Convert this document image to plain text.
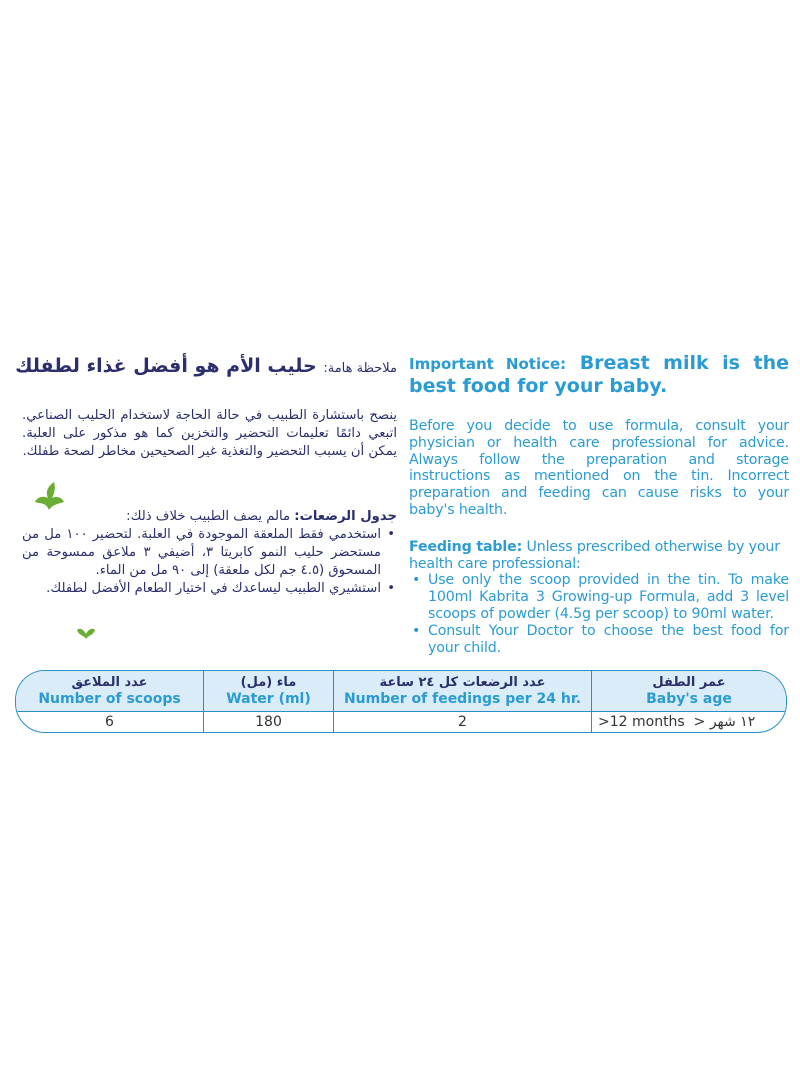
Important Notice: Breast milk is the best food for your baby.

Before you decide to use formula, consult your physician or health care professional for advice. Always follow the preparation and storage instructions as mentioned on the tin. Incorrect preparation and feeding can cause risks to your baby's health.

Feeding table: Unless prescribed otherwise by your health care professional:
• Use only the scoop provided in the tin. To make 100ml Kabrita 3 Growing-up Formula, add 3 level scoops of powder (4.5g per scoop) to 90ml water.
• Consult Your Doctor to choose the best food for your child.

ملاحظة هامة: حليب الأم هو أفضل غذاء لطفلك

ينصح باستشارة الطبيب في حالة الحاجة لاستخدام الحليب الصناعي. اتبعي دائمًا تعليمات التحضير والتخزين كما هو مذكور على العلبة. يمكن أن يسبب التحضير والتغذية غير الصحيحين مخاطر لصحة طفلك.

جدول الرضعات: مالم يصف الطبيب خلاف ذلك:
•
استخدمي فقط الملعقة الموجودة في العلبة. لتحضير ١٠٠ مل من مستحضر حليب النمو كابريتا ٣، أضيفي ٣ ملاعق ممسوحة من المسحوق (٤.٥ جم لكل ملعقة) إلى ٩٠ مل من الماء.
•
استشيري الطبيب ليساعدك في اختيار الطعام الأفضل لطفلك.
عدد الملاعق
Number of scoops
6
ماء (مل)
Water (ml)
180
عدد الرضعات كل ٢٤ ساعة
Number of feedings per 24 hr.
2
عمر الطفل
Baby's age
>12 months  > ١٢ شهر
